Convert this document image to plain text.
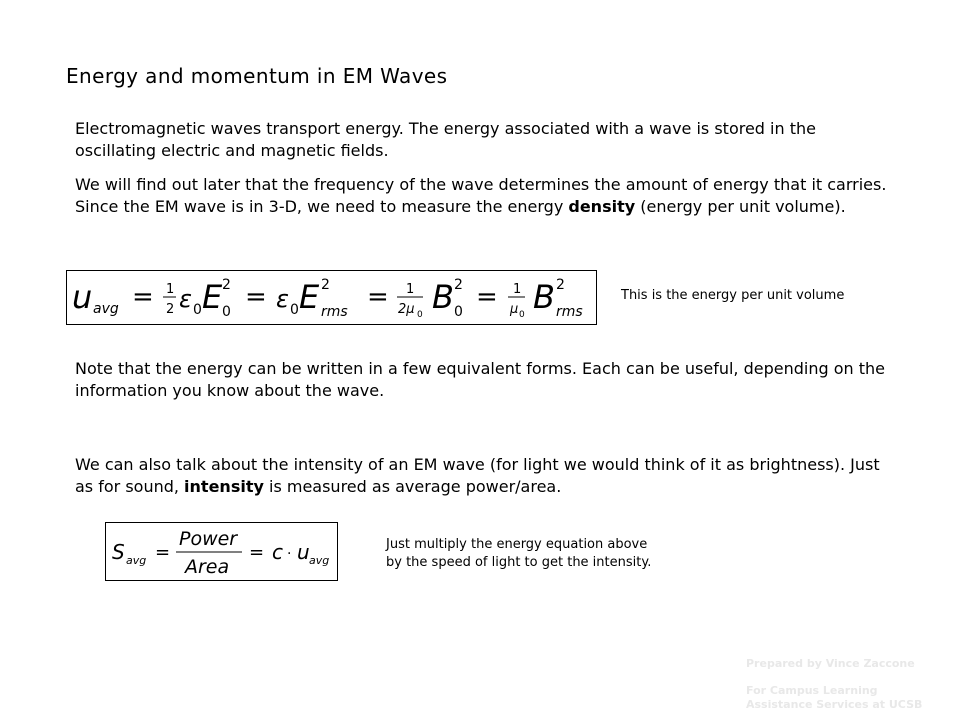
Energy and momentum in EM Waves
Electromagnetic waves transport energy. The energy associated with a wave is stored in the oscillating electric and magnetic fields.
We will find out later that the frequency of the wave determines the amount of energy that it carries. Since the EM wave is in 3-D, we need to measure the energy density (energy per unit volume).
u avg = 1
2 ε 0 E 0
2 = ε 0 E rms
2 = 1
2μ 0 B 0
2 = 1
μ 0 B rms
2
This is the energy per unit volume
Note that the energy can be written in a few equivalent forms. Each can be useful, depending on the information you know about the wave.
We can also talk about the intensity of an EM wave (for light we would think of it as brightness). Just as for sound, intensity is measured as average power/area.
S avg =
Power
Area
= c · u avg
Just multiply the energy equation above
by the speed of light to get the intensity.
Prepared by Vince Zaccone
For Campus Learning Assistance Services at UCSB
